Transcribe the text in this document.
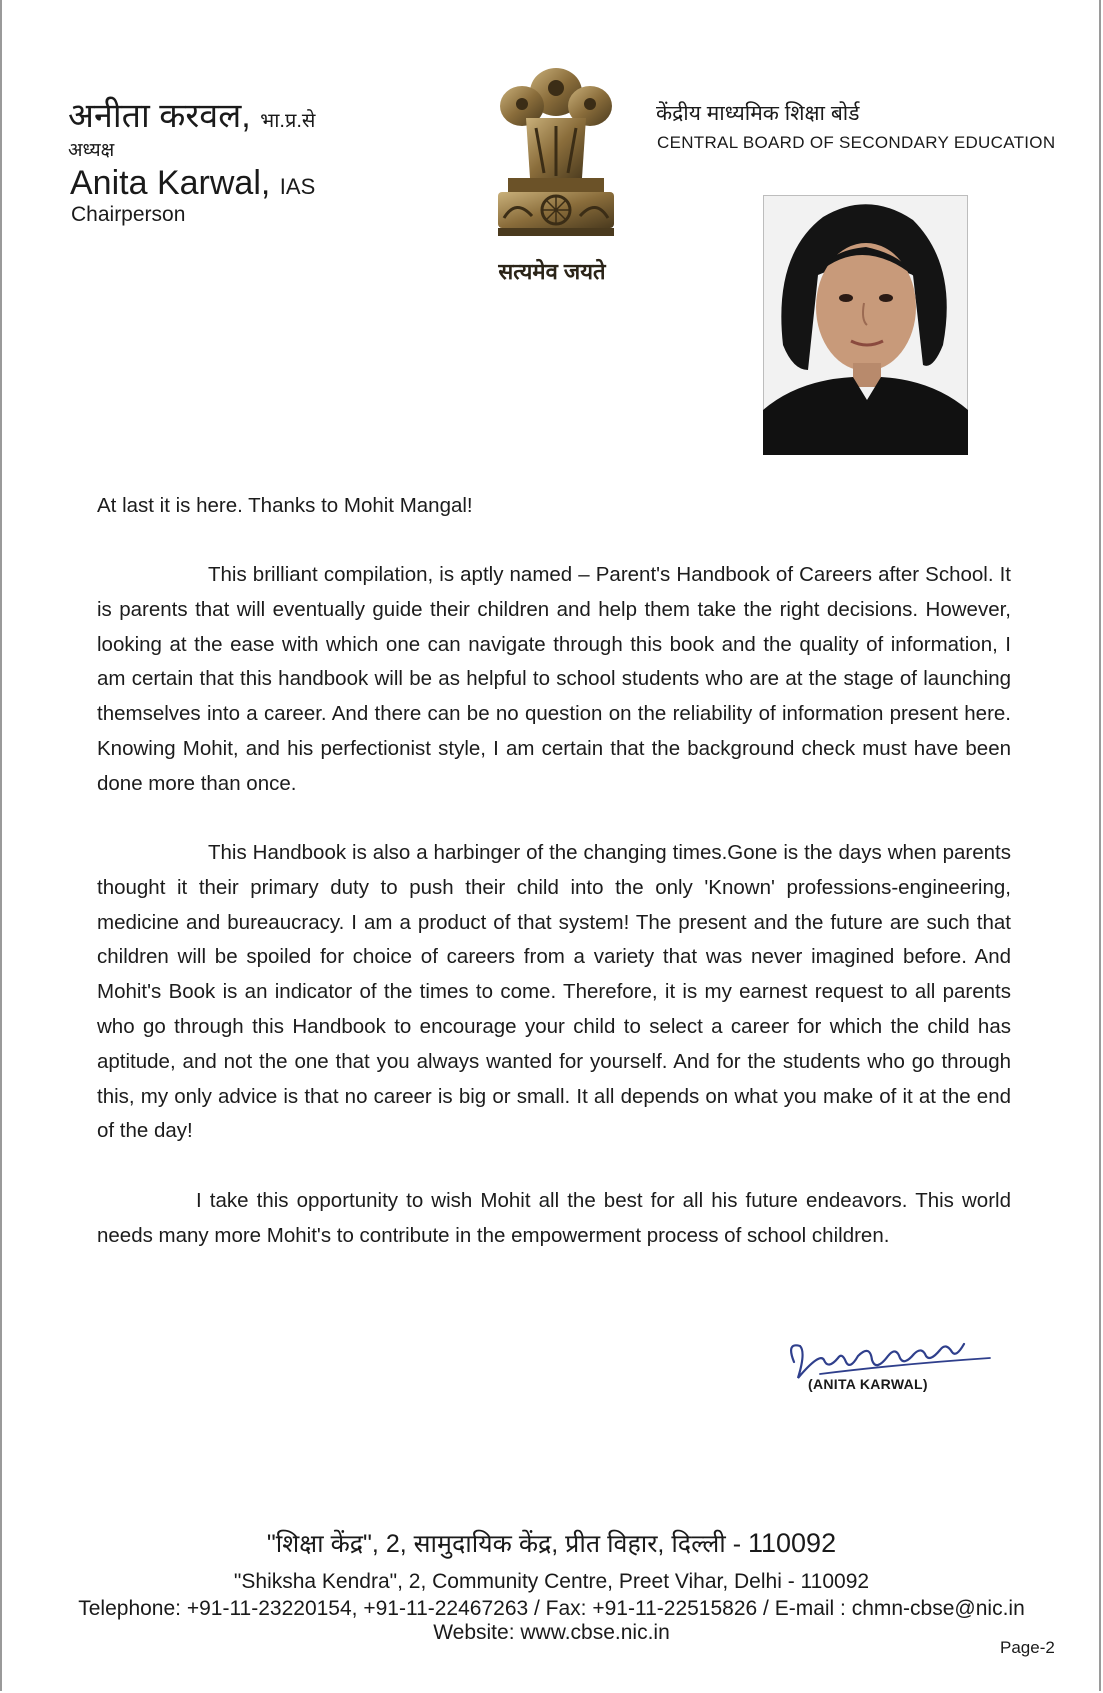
अनीता करवल, भा.प्र.से
अध्यक्ष
Anita Karwal, IAS
Chairperson
सत्यमेव जयते
केंद्रीय माध्यमिक शिक्षा बोर्ड
CENTRAL BOARD OF SECONDARY EDUCATION
At last it is here. Thanks to Mohit Mangal!
This brilliant compilation, is aptly named – Parent's Handbook of Careers after School. It is parents that will eventually guide their children and help them take the right decisions. However, looking at the ease with which one can navigate through this book and the quality of information, I am certain that this handbook will be as helpful to school students who are at the stage of launching themselves into a career. And there can be no question on the reliability of information present here. Knowing Mohit, and his perfectionist style, I am certain that the background check must have been done more than once.
This Handbook is also a harbinger of the changing times.Gone is the days when parents thought it their primary duty to push their child into the only 'Known' professions-engineering, medicine and bureaucracy. I am a product of that system! The present and the future are such that children will be spoiled for choice of careers from a variety that was never imagined before. And Mohit's Book is an indicator of the times to come. Therefore, it is my earnest request to all parents who go through this Handbook to encourage your child to select a career for which the child has aptitude, and not the one that you always wanted for yourself. And for the students who go through this, my only advice is that no career is big or small. It all depends on what you make of it at the end of the day!
I take this opportunity to wish Mohit all the best for all his future endeavors. This world needs many more Mohit's to contribute in the empowerment process of school children.
(ANITA KARWAL)
"शिक्षा केंद्र", 2, सामुदायिक केंद्र, प्रीत विहार, दिल्ली - 110092
"Shiksha Kendra", 2, Community Centre, Preet Vihar, Delhi - 110092
Telephone: +91-11-23220154, +91-11-22467263 / Fax: +91-11-22515826 / E-mail : chmn-cbse@nic.in
Website: www.cbse.nic.in
Page-2
